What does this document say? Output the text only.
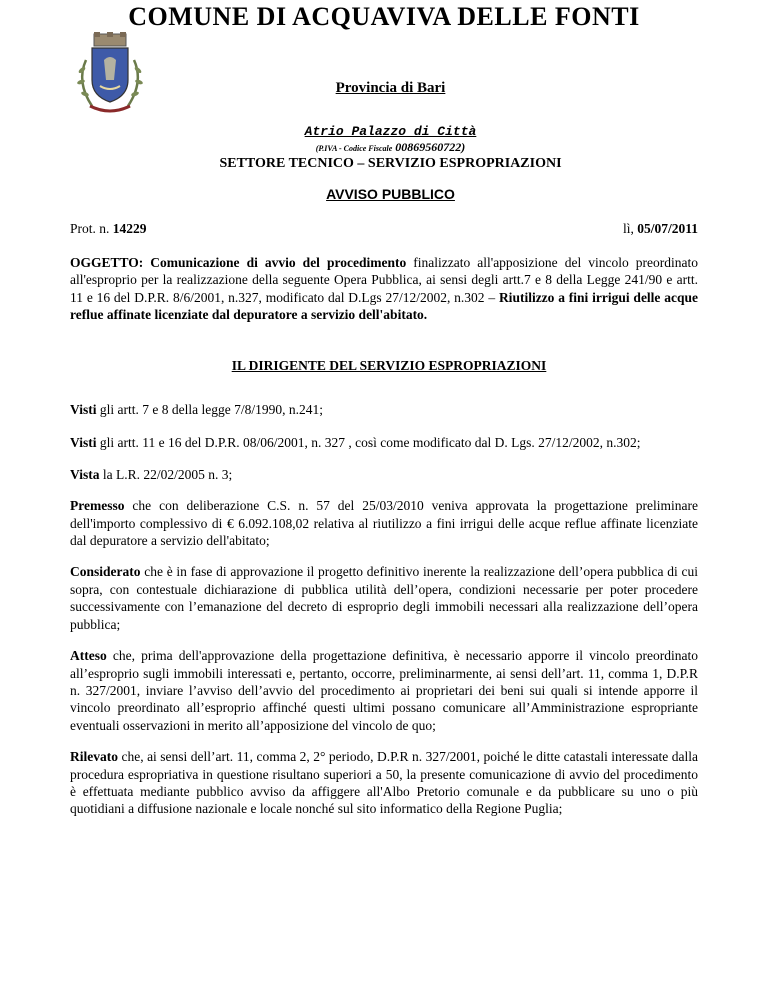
COMUNE DI ACQUAVIVA DELLE FONTI
Provincia di Bari
Atrio Palazzo di Città
(P.IVA - Codice Fiscale 00869560722)
SETTORE TECNICO – SERVIZIO ESPROPRIAZIONI
AVVISO PUBBLICO
Prot. n. 14229	lì, 05/07/2011

OGGETTO: Comunicazione di avvio del procedimento finalizzato all'apposizione del vincolo preordinato all'esproprio per la realizzazione della seguente Opera Pubblica, ai sensi degli artt.7 e 8 della Legge 241/90 e artt. 11 e 16 del D.P.R. 8/6/2001, n.327, modificato dal D.Lgs 27/12/2002, n.302 – Riutilizzo a fini irrigui delle acque reflue affinate licenziate dal depuratore a servizio dell'abitato.

IL DIRIGENTE DEL SERVIZIO ESPROPRIAZIONI

Visti gli artt. 7 e 8 della legge 7/8/1990, n.241;

Visti gli artt. 11 e 16 del D.P.R. 08/06/2001, n. 327 , così come modificato dal D. Lgs. 27/12/2002, n.302;

Vista la L.R. 22/02/2005 n. 3;

Premesso che con deliberazione C.S. n. 57 del 25/03/2010 veniva approvata la progettazione preliminare dell'importo complessivo di € 6.092.108,02 relativa al riutilizzo a fini irrigui delle acque reflue affinate licenziate dal depuratore a servizio dell'abitato;

Considerato che è in fase di approvazione il progetto definitivo inerente la realizzazione dell’opera pubblica di cui sopra, con contestuale dichiarazione di pubblica utilità dell’opera, condizioni necessarie per poter procedere successivamente con l’emanazione del decreto di esproprio degli immobili necessari alla realizzazione dell’opera pubblica;

Atteso che, prima dell'approvazione della progettazione definitiva, è necessario apporre il vincolo preordinato all’esproprio sugli immobili interessati e, pertanto, occorre, preliminarmente, ai sensi dell’art. 11, comma 1, D.P.R n. 327/2001, inviare l’avviso dell’avvio del procedimento ai proprietari dei beni sui quali si intende apporre il vincolo preordinato all’esproprio affinché questi ultimi possano comunicare all’Amministrazione espropriante eventuali osservazioni in merito all’apposizione del vincolo de quo;

Rilevato che, ai sensi dell’art. 11, comma 2, 2° periodo, D.P.R n. 327/2001, poiché le ditte catastali interessate dalla procedura espropriativa in questione risultano superiori a 50, la presente comunicazione di avvio del procedimento è effettuata mediante pubblico avviso da affiggere all'Albo Pretorio comunale e da pubblicare su uno o più quotidiani a diffusione nazionale e locale nonché sul sito informatico della Regione Puglia;
